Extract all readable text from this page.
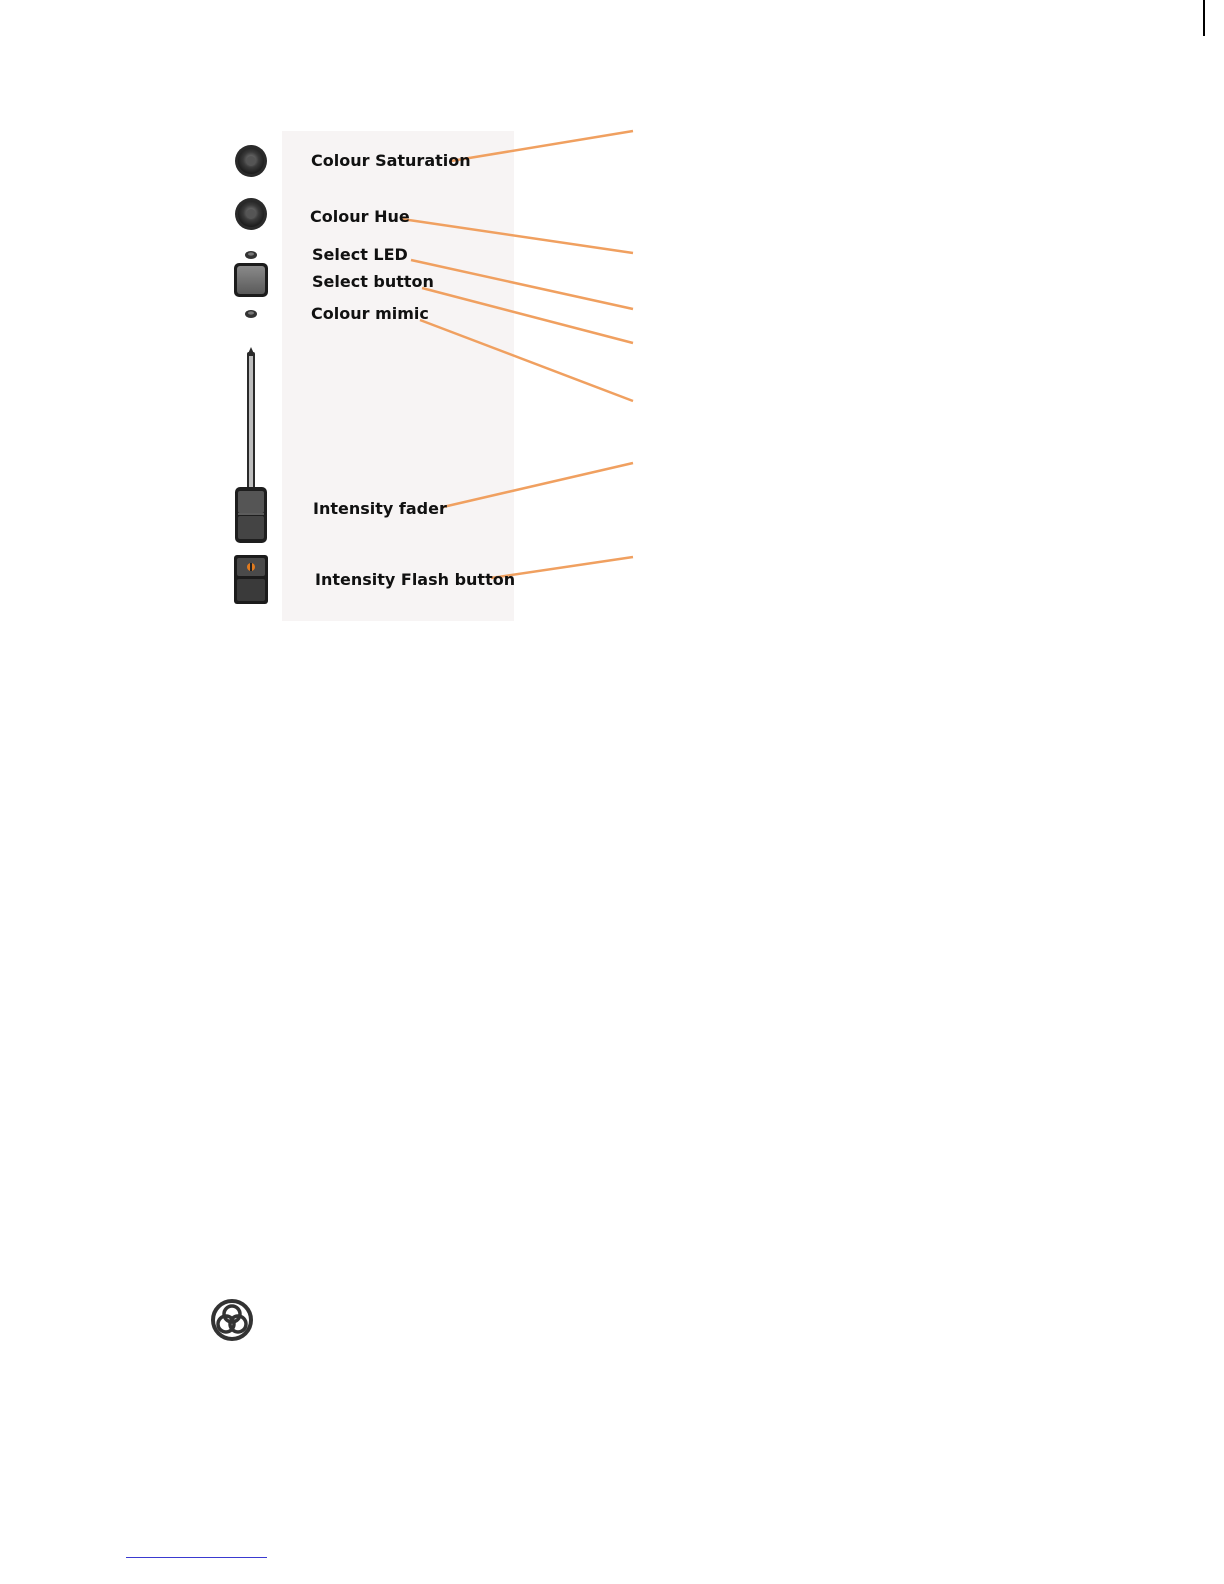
Colour Saturation
Colour Hue
Select LED
Select button
Colour mimic
Intensity fader
Intensity Flash button
